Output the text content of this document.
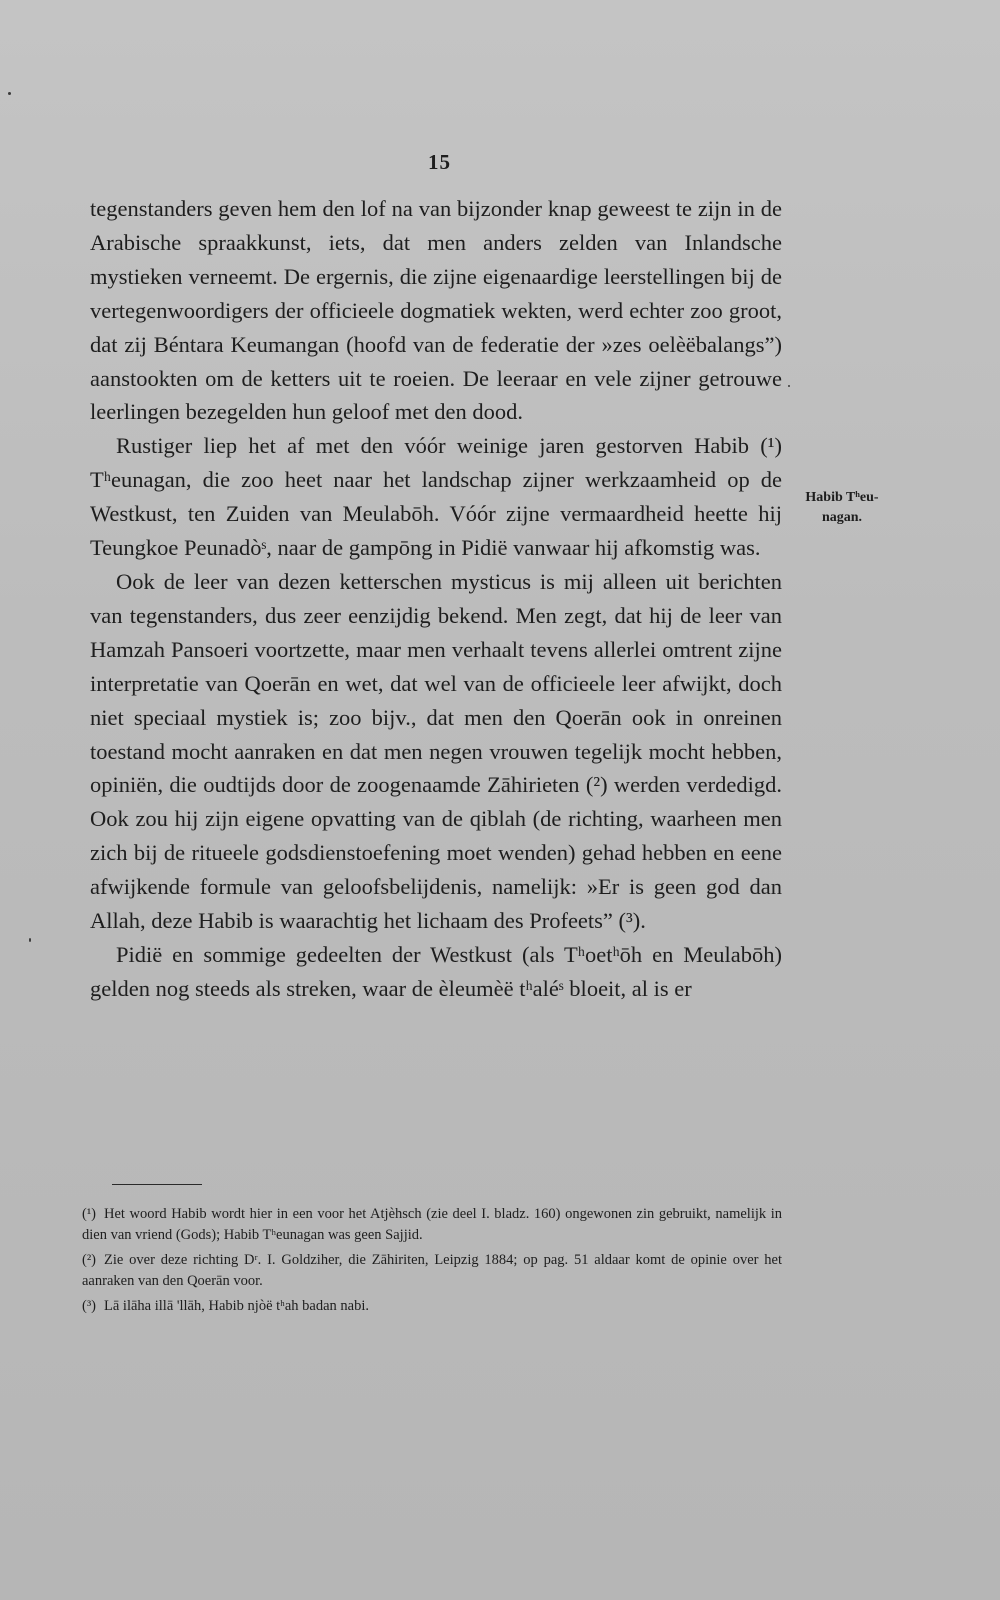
15

tegenstanders geven hem den lof na van bijzonder knap geweest te zijn in de Arabische spraakkunst, iets, dat men anders zelden van Inlandsche mystieken verneemt. De ergernis, die zijne eigenaardige leerstellingen bij de vertegenwoordigers der officieele dogmatiek wekten, werd echter zoo groot, dat zij Béntara Keumangan (hoofd van de federatie der »zes oelèëbalangs”) aanstookten om de ketters uit te roeien. De leeraar en vele zijner getrouwe leerlingen bezegelden hun geloof met den dood.

Rustiger liep het af met den vóór weinige jaren gestorven Habib (¹) Tʰeunagan, die zoo heet naar het landschap zijner werkzaamheid op de Westkust, ten Zuiden van Meulabōh. Vóór zijne vermaardheid heette hij Teungkoe Peunadòˢ, naar de gampōng in Pidië vanwaar hij afkomstig was.

Ook de leer van dezen ketterschen mysticus is mij alleen uit berichten van tegenstanders, dus zeer eenzijdig bekend. Men zegt, dat hij de leer van Hamzah Pansoeri voortzette, maar men verhaalt tevens allerlei omtrent zijne interpretatie van Qoerān en wet, dat wel van de officieele leer afwijkt, doch niet speciaal mystiek is; zoo bijv., dat men den Qoerān ook in onreinen toestand mocht aanraken en dat men negen vrouwen tegelijk mocht hebben, opiniën, die oudtijds door de zoogenaamde Zāhirieten (²) werden verdedigd. Ook zou hij zijn eigene opvatting van de qiblah (de richting, waarheen men zich bij de ritueele godsdienstoefening moet wenden) gehad hebben en eene afwijkende formule van geloofsbelijdenis, namelijk: »Er is geen god dan Allah, deze Habib is waarachtig het lichaam des Profeets” (³).

Pidië en sommige gedeelten der Westkust (als Tʰoetʰōh en Meulabōh) gelden nog steeds als streken, waar de èleumèë tʰaléˢ bloeit, al is er

Habib Tʰeu-nagan.

(¹) Het woord Habib wordt hier in een voor het Atjèhsch (zie deel I. bladz. 160) ongewonen zin gebruikt, namelijk in dien van vriend (Gods); Habib Tʰeunagan was geen Sajjid.

(²) Zie over deze richting Dʳ. I. Goldziher, die Zāhiriten, Leipzig 1884; op pag. 51 aldaar komt de opinie over het aanraken van den Qoerān voor.

(³) Lā ilāha illā 'llāh, Habib njòë tʰah badan nabi.
